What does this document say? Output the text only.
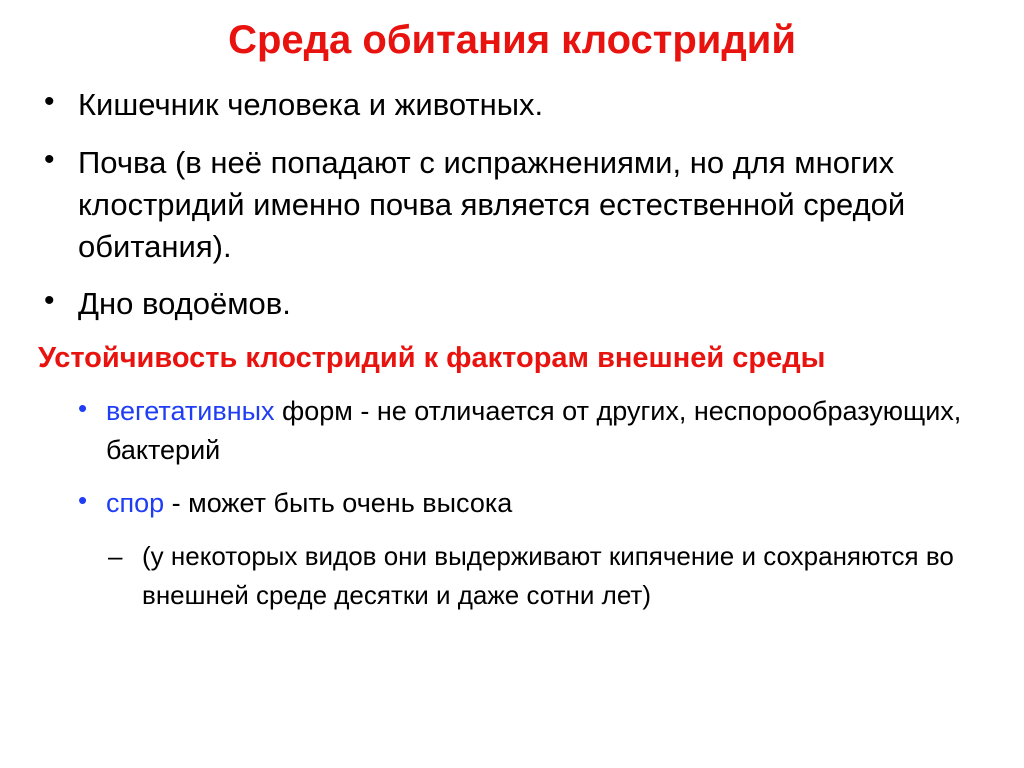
Среда обитания клостридий
• Кишечник человека и животных.
• Почва (в неё попадают с испражнениями, но для многих клостридий именно почва является естественной средой обитания).
• Дно водоёмов.
Устойчивость клостридий к факторам внешней среды
• вегетативных форм - не отличается от других, неспорообразующих, бактерий
• спор - может быть очень высока
– (у некоторых видов они выдерживают кипячение и сохраняются во внешней среде десятки и даже сотни лет)
